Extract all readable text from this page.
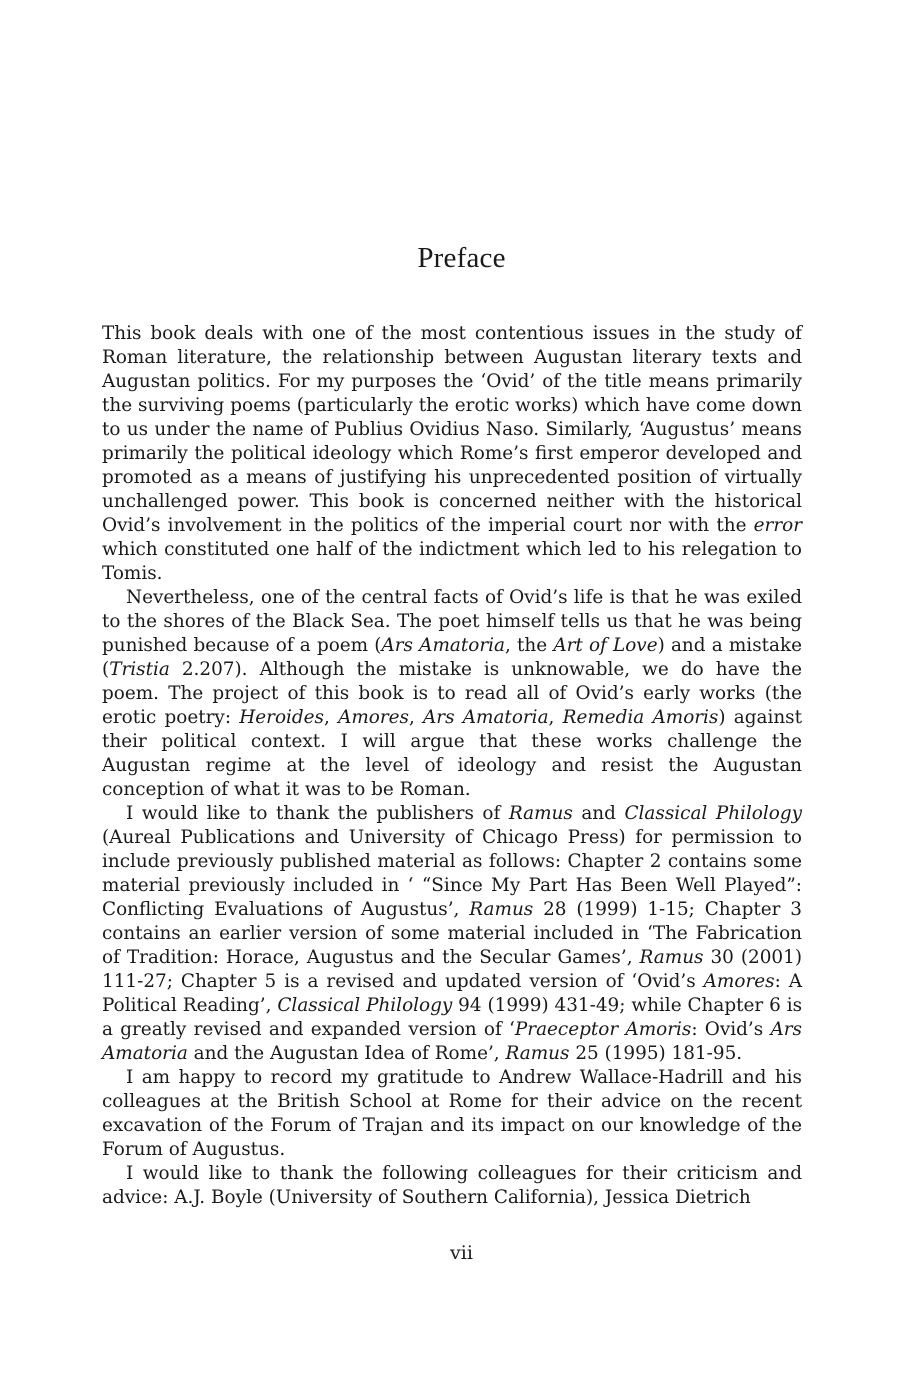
Preface

This book deals with one of the most contentious issues in the study of Roman literature, the relationship between Augustan literary texts and Augustan politics. For my purposes the ‘Ovid’ of the title means primarily the surviving poems (particularly the erotic works) which have come down to us under the name of Publius Ovidius Naso. Similarly, ‘Augustus’ means primarily the political ideology which Rome’s first emperor developed and promoted as a means of justifying his unprecedented position of virtually unchallenged power. This book is concerned neither with the historical Ovid’s involvement in the politics of the imperial court nor with the error which constituted one half of the indictment which led to his relegation to Tomis.

Nevertheless, one of the central facts of Ovid’s life is that he was exiled to the shores of the Black Sea. The poet himself tells us that he was being punished because of a poem (Ars Amatoria, the Art of Love) and a mistake (Tristia 2.207). Although the mistake is unknowable, we do have the poem. The project of this book is to read all of Ovid’s early works (the erotic poetry: Heroides, Amores, Ars Amatoria, Remedia Amoris) against their political context. I will argue that these works challenge the Augustan regime at the level of ideology and resist the Augustan conception of what it was to be Roman.

I would like to thank the publishers of Ramus and Classical Philology (Aureal Publications and University of Chicago Press) for permission to include previously published material as follows: Chapter 2 contains some material previously included in ‘ “Since My Part Has Been Well Played”: Conflicting Evaluations of Augustus’, Ramus 28 (1999) 1-15; Chapter 3 contains an earlier version of some material included in ‘The Fabrication of Tradition: Horace, Augustus and the Secular Games’, Ramus 30 (2001) 111-27; Chapter 5 is a revised and updated version of ‘Ovid’s Amores: A Political Reading’, Classical Philology 94 (1999) 431-49; while Chapter 6 is a greatly revised and expanded version of ‘Praeceptor Amoris: Ovid’s Ars Amatoria and the Augustan Idea of Rome’, Ramus 25 (1995) 181-95.

I am happy to record my gratitude to Andrew Wallace-Hadrill and his colleagues at the British School at Rome for their advice on the recent excavation of the Forum of Trajan and its impact on our knowledge of the Forum of Augustus.

I would like to thank the following colleagues for their criticism and advice: A.J. Boyle (University of Southern California), Jessica Dietrich

vii
